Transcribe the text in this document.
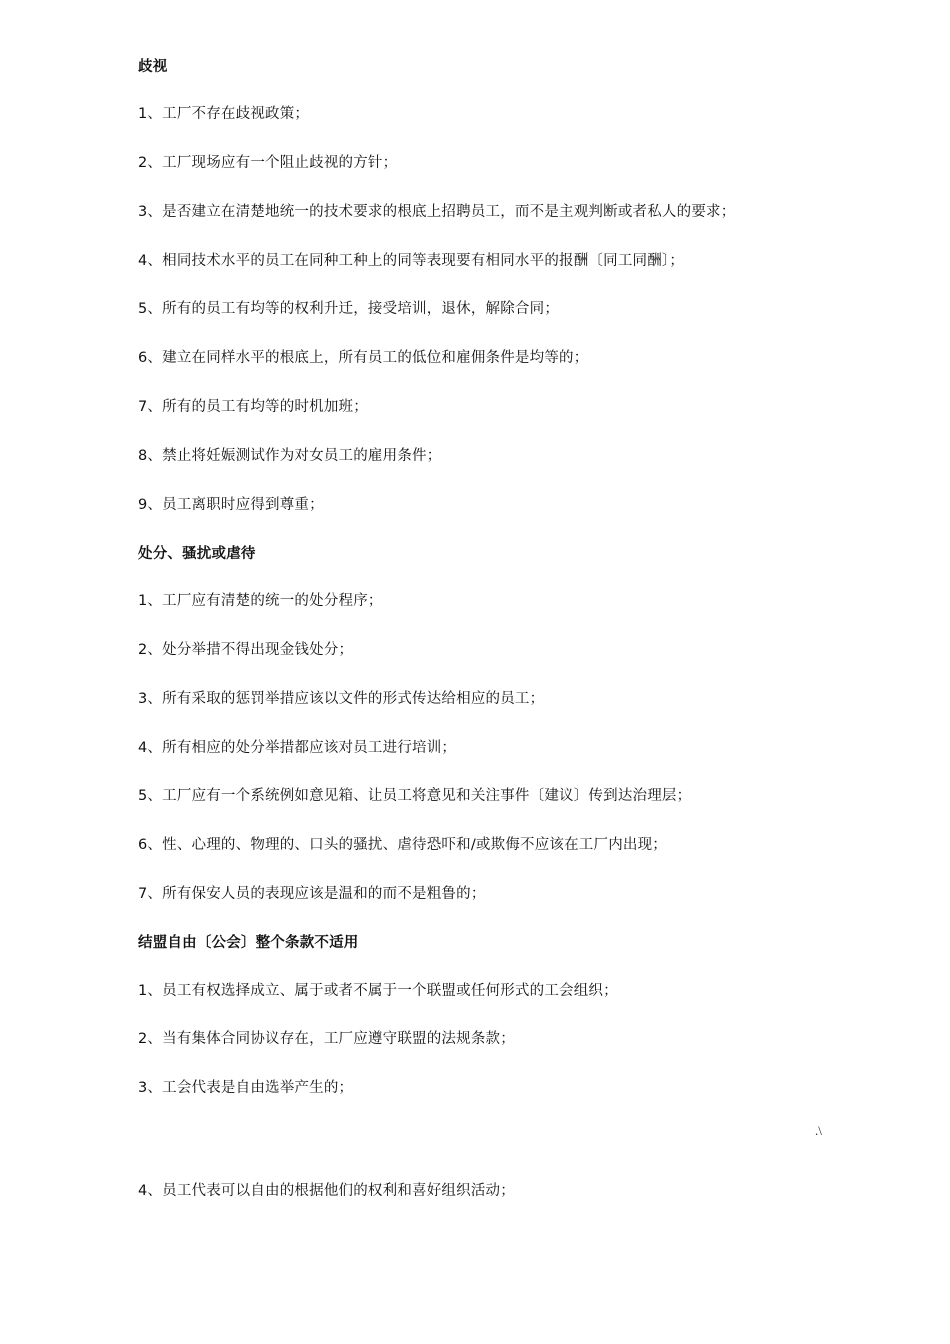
歧视
1、工厂不存在歧视政策；
2、工厂现场应有一个阻止歧视的方针；
3、是否建立在清楚地统一的技术要求的根底上招聘员工，而不是主观判断或者私人的要求；
4、相同技术水平的员工在同种工种上的同等表现要有相同水平的报酬〔同工同酬〕；
5、所有的员工有均等的权利升迁，接受培训，退休，解除合同；
6、建立在同样水平的根底上，所有员工的低位和雇佣条件是均等的；
7、所有的员工有均等的时机加班；
8、禁止将妊娠测试作为对女员工的雇用条件；
9、员工离职时应得到尊重；
处分、骚扰或虐待
1、工厂应有清楚的统一的处分程序；
2、处分举措不得出现金钱处分；
3、所有采取的惩罚举措应该以文件的形式传达给相应的员工；
4、所有相应的处分举措都应该对员工进行培训；
5、工厂应有一个系统例如意见箱、让员工将意见和关注事件〔建议〕传到达治理层；
6、性、心理的、物理的、口头的骚扰、虐待恐吓和/或欺侮不应该在工厂内出现；
7、所有保安人员的表现应该是温和的而不是粗鲁的；
结盟自由〔公会〕整个条款不适用
1、员工有权选择成立、属于或者不属于一个联盟或任何形式的工会组织；
2、当有集体合同协议存在，工厂应遵守联盟的法规条款；
3、工会代表是自由选举产生的；
.\
4、员工代表可以自由的根据他们的权利和喜好组织活动；
